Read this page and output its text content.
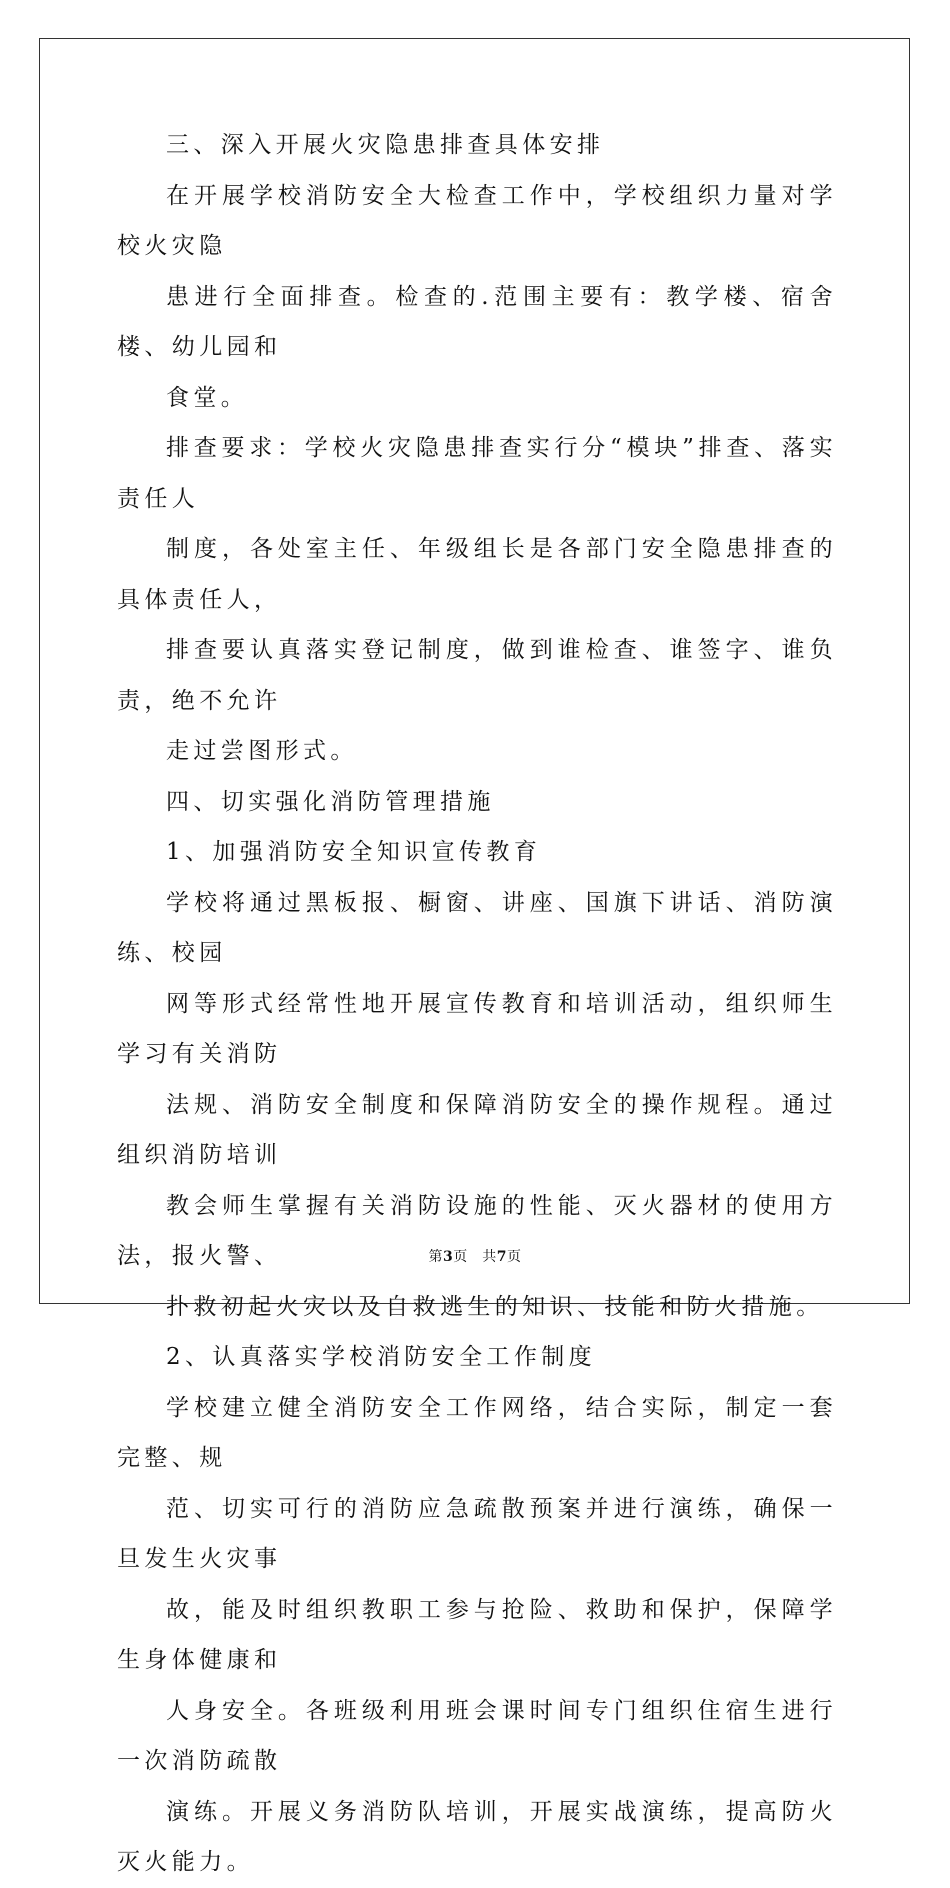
三、深入开展火灾隐患排查具体安排

在开展学校消防安全大检查工作中，学校组织力量对学校火灾隐
患进行全面排查。检查的.范围主要有：教学楼、宿舍楼、幼儿园和
食堂。

排查要求：学校火灾隐患排查实行分“模块”排查、落实责任人
制度，各处室主任、年级组长是各部门安全隐患排查的具体责任人，
排查要认真落实登记制度，做到谁检查、谁签字、谁负责，绝不允许
走过尝图形式。

四、切实强化消防管理措施

1、加强消防安全知识宣传教育

学校将通过黑板报、橱窗、讲座、国旗下讲话、消防演练、校园
网等形式经常性地开展宣传教育和培训活动，组织师生学习有关消防
法规、消防安全制度和保障消防安全的操作规程。通过组织消防培训
教会师生掌握有关消防设施的性能、灭火器材的使用方法，报火警、
扑救初起火灾以及自救逃生的知识、技能和防火措施。

2、认真落实学校消防安全工作制度

学校建立健全消防安全工作网络，结合实际，制定一套完整、规
范、切实可行的消防应急疏散预案并进行演练，确保一旦发生火灾事
故，能及时组织教职工参与抢险、救助和保护，保障学生身体健康和
人身安全。各班级利用班会课时间专门组织住宿生进行一次消防疏散
演练。开展义务消防队培训，开展实战演练，提高防火灭火能力。

第3页　共7页
